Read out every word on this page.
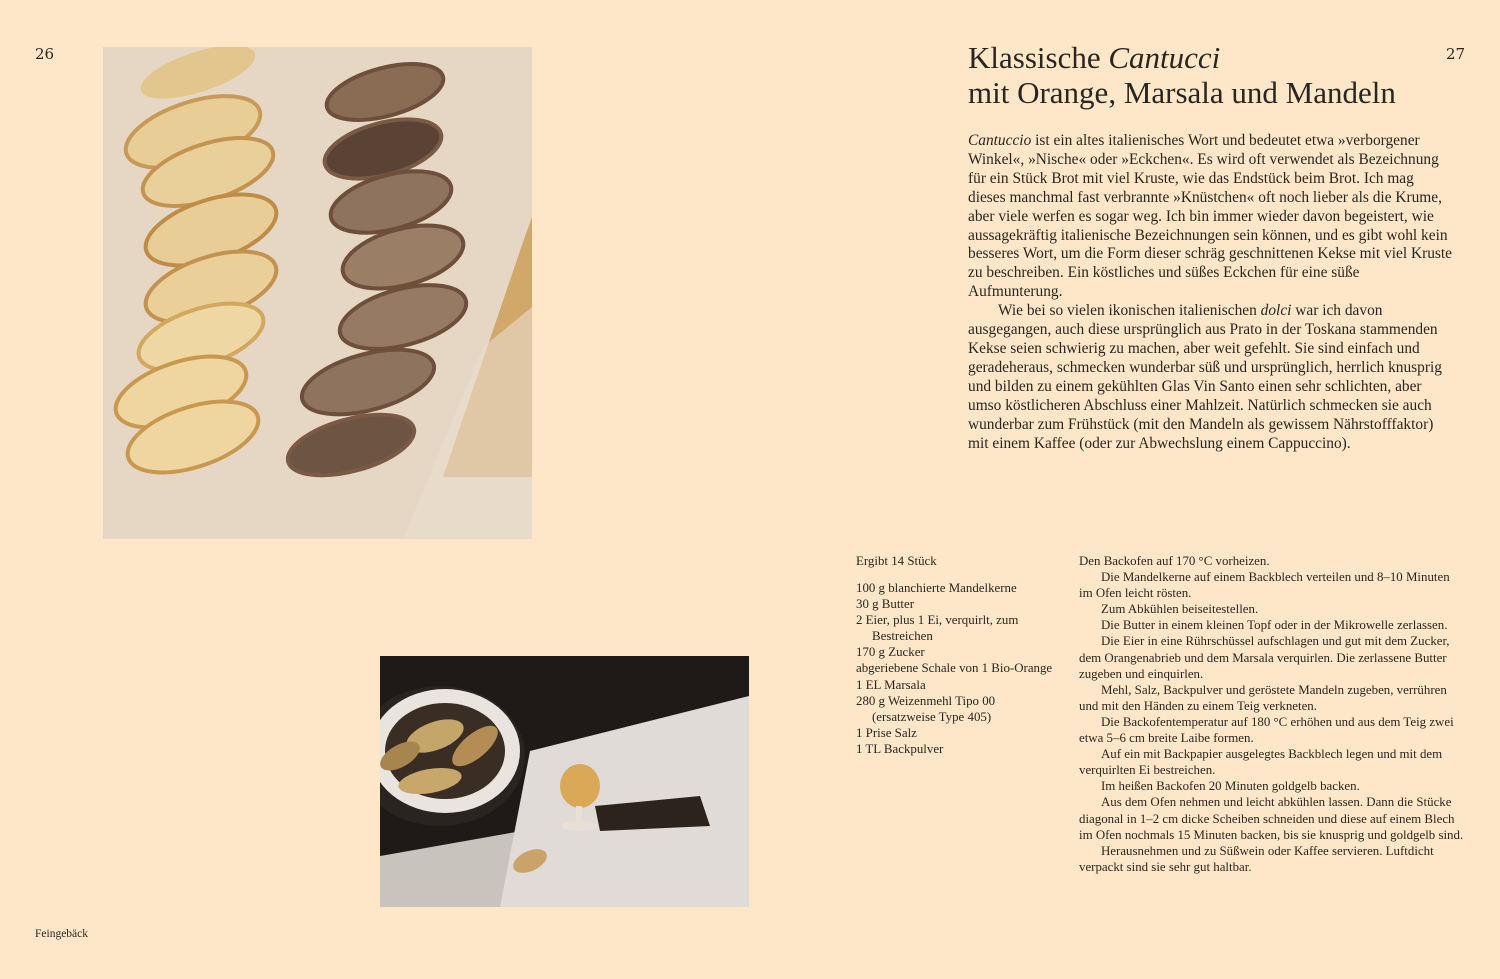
26	27
Klassische Cantucci
mit Orange, Marsala und Mandeln

Cantuccio ist ein altes italienisches Wort und bedeutet etwa »verborgener Winkel«, »Nische« oder »Eckchen«. Es wird oft verwendet als Bezeichnung für ein Stück Brot mit viel Kruste, wie das Endstück beim Brot. Ich mag dieses manchmal fast verbrannte »Knüstchen« oft noch lieber als die Krume, aber viele werfen es sogar weg. Ich bin immer wieder davon begeistert, wie aussagekräftig italienische Bezeichnungen sein können, und es gibt wohl kein besseres Wort, um die Form dieser schräg geschnittenen Kekse mit viel Kruste zu beschreiben. Ein köstliches und süßes Eckchen für eine süße Aufmunterung.

Wie bei so vielen ikonischen italienischen dolci war ich davon ausgegangen, auch diese ursprünglich aus Prato in der Toskana stammenden Kekse seien schwierig zu machen, aber weit gefehlt. Sie sind einfach und geradeheraus, schmecken wunderbar süß und ursprünglich, herrlich knusprig und bilden zu einem gekühlten Glas Vin Santo einen sehr schlichten, aber umso köstlicheren Abschluss einer Mahlzeit. Natürlich schmecken sie auch wunderbar zum Frühstück (mit den Mandeln als gewissem Nährstofffaktor) mit einem Kaffee (oder zur Abwechslung einem Cappuccino).

Ergibt 14 Stück
100 g blanchierte Mandelkerne
30 g Butter
2 Eier, plus 1 Ei, verquirlt, zum Bestreichen
170 g Zucker
abgeriebene Schale von 1 Bio-Orange
1 EL Marsala
280 g Weizenmehl Tipo 00 (ersatzweise Type 405)
1 Prise Salz
1 TL Backpulver

Den Backofen auf 170 °C vorheizen.

Die Mandelkerne auf einem Backblech verteilen und 8–10 Minuten im Ofen leicht rösten.

Zum Abkühlen beiseitestellen.

Die Butter in einem kleinen Topf oder in der Mikrowelle zerlassen.

Die Eier in eine Rührschüssel aufschlagen und gut mit dem Zucker, dem Orangenabrieb und dem Marsala verquirlen. Die zerlassene Butter zugeben und einquirlen.

Mehl, Salz, Backpulver und geröstete Mandeln zugeben, verrühren und mit den Händen zu einem Teig verkneten.

Die Backofentemperatur auf 180 °C erhöhen und aus dem Teig zwei etwa 5–6 cm breite Laibe formen.

Auf ein mit Backpapier ausgelegtes Backblech legen und mit dem verquirlten Ei bestreichen.

Im heißen Backofen 20 Minuten goldgelb backen.

Aus dem Ofen nehmen und leicht abkühlen lassen. Dann die Stücke diagonal in 1–2 cm dicke Scheiben schneiden und diese auf einem Blech im Ofen nochmals 15 Minuten backen, bis sie knusprig und goldgelb sind.

Herausnehmen und zu Süßwein oder Kaffee servieren. Luftdicht verpackt sind sie sehr gut haltbar.

Feingebäck
